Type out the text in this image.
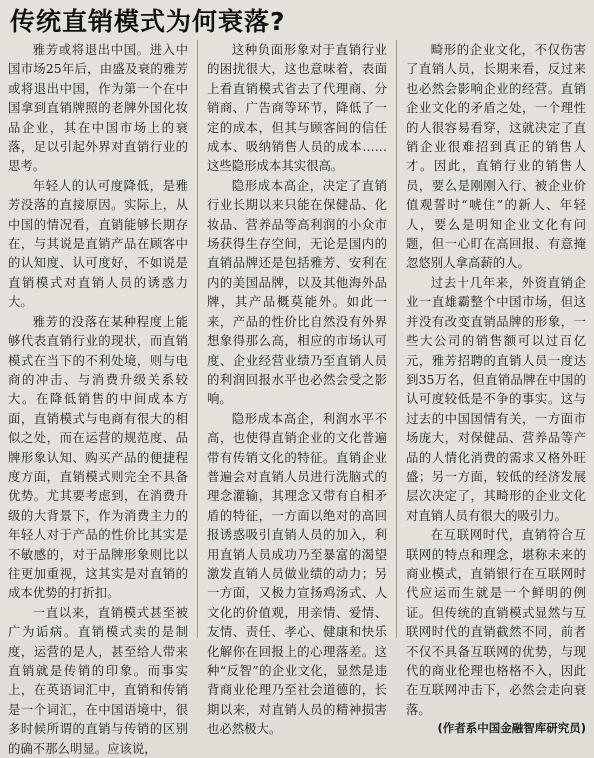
传统直销模式为何衰落?

雅芳或将退出中国。进入中国市场25年后，由盛及衰的雅芳或将退出中国，作为第一个在中国拿到直销牌照的老牌外国化妆品企业，其在中国市场上的衰落，足以引起外界对直销行业的思考。

年轻人的认可度降低，是雅芳没落的直接原因。实际上，从中国的情况看，直销能够长期存在，与其说是直销产品在顾客中的认知度、认可度好，不如说是直销模式对直销人员的诱惑力大。

雅芳的没落在某种程度上能够代表直销行业的现状，而直销模式在当下的不利处境，则与电商的冲击、与消费升级关系较大。在降低销售的中间成本方面，直销模式与电商有很大的相似之处，而在运营的规范度、品牌形象认知、购买产品的便捷程度方面，直销模式则完全不具备优势。尤其要考虑到，在消费升级的大背景下，作为消费主力的年轻人对于产品的性价比其实是不敏感的，对于品牌形象则比以往更加重视，这其实是对直销的成本优势的打折扣。

一直以来，直销模式甚至被广为诟病。直销模式卖的是制度，运营的是人，甚至给人带来直销就是传销的印象。而事实上，在英语词汇中，直销和传销是一个词汇，在中国语境中，很多时候所谓的直销与传销的区别的确不那么明显。应该说，

这种负面形象对于直销行业的困扰很大，这也意味着，表面上看直销模式省去了代理商、分销商、广告商等环节，降低了一定的成本，但其与顾客间的信任成本、吸纳销售人员的成本……这些隐形成本其实很高。

隐形成本高企，决定了直销行业长期以来只能在保健品、化妆品、营养品等高利润的小众市场获得生存空间，无论是国内的直销品牌还是包括雅芳、安利在内的美国品牌，以及其他海外品牌，其产品概莫能外。如此一来，产品的性价比自然没有外界想象得那么高，相应的市场认可度、企业经营业绩乃至直销人员的利润回报水平也必然会受之影响。

隐形成本高企，利润水平不高，也使得直销企业的文化普遍带有传销文化的特征。直销企业普遍会对直销人员进行洗脑式的理念灌输，其理念又带有自相矛盾的特征，一方面以绝对的高回报诱惑吸引直销人员的加入，利用直销人员成功乃至暴富的渴望激发直销人员做业绩的动力；另一方面，又极力宣扬鸡汤式、人文化的价值观，用亲情、爱情、友情、责任、孝心、健康和快乐化解你在回报上的心理落差。这种“反智”的企业文化，显然是违背商业伦理乃至社会道德的，长期以来，对直销人员的精神损害也必然极大。

畸形的企业文化，不仅伤害了直销人员，长期来看，反过来也必然会影响企业的经营。直销企业文化的矛盾之处，一个理性的人很容易看穿，这就决定了直销企业很难招到真正的销售人才。因此，直销行业的销售人员，要么是刚刚入行、被企业价值观誓时“唬住”的新人、年轻人，要么是明知企业文化有问题，但一心盯在高回报、有意掩忽悠别人拿高薪的人。

过去十几年来，外资直销企业一直雄霸整个中国市场，但这并没有改变直销品牌的形象，一些大公司的销售额可以过百亿元，雅芳招聘的直销人员一度达到35万名，但直销品牌在中国的认可度较低是不争的事实。这与过去的中国国情有关，一方面市场庞大，对保健品、营养品等产品的人情化消费的需求又格外旺盛；另一方面，较低的经济发展层次决定了，其畸形的企业文化对直销人员有很大的吸引力。

在互联网时代，直销符合互联网的特点和理念，堪称未来的商业模式，直销银行在互联网时代应运而生就是一个鲜明的例证。但传统的直销模式显然与互联网时代的直销截然不同，前者不仅不具备互联网的优势，与现代的商业伦理也格格不入，因此在互联网冲击下，必然会走向衰落。

(作者系中国金融智库研究员)
